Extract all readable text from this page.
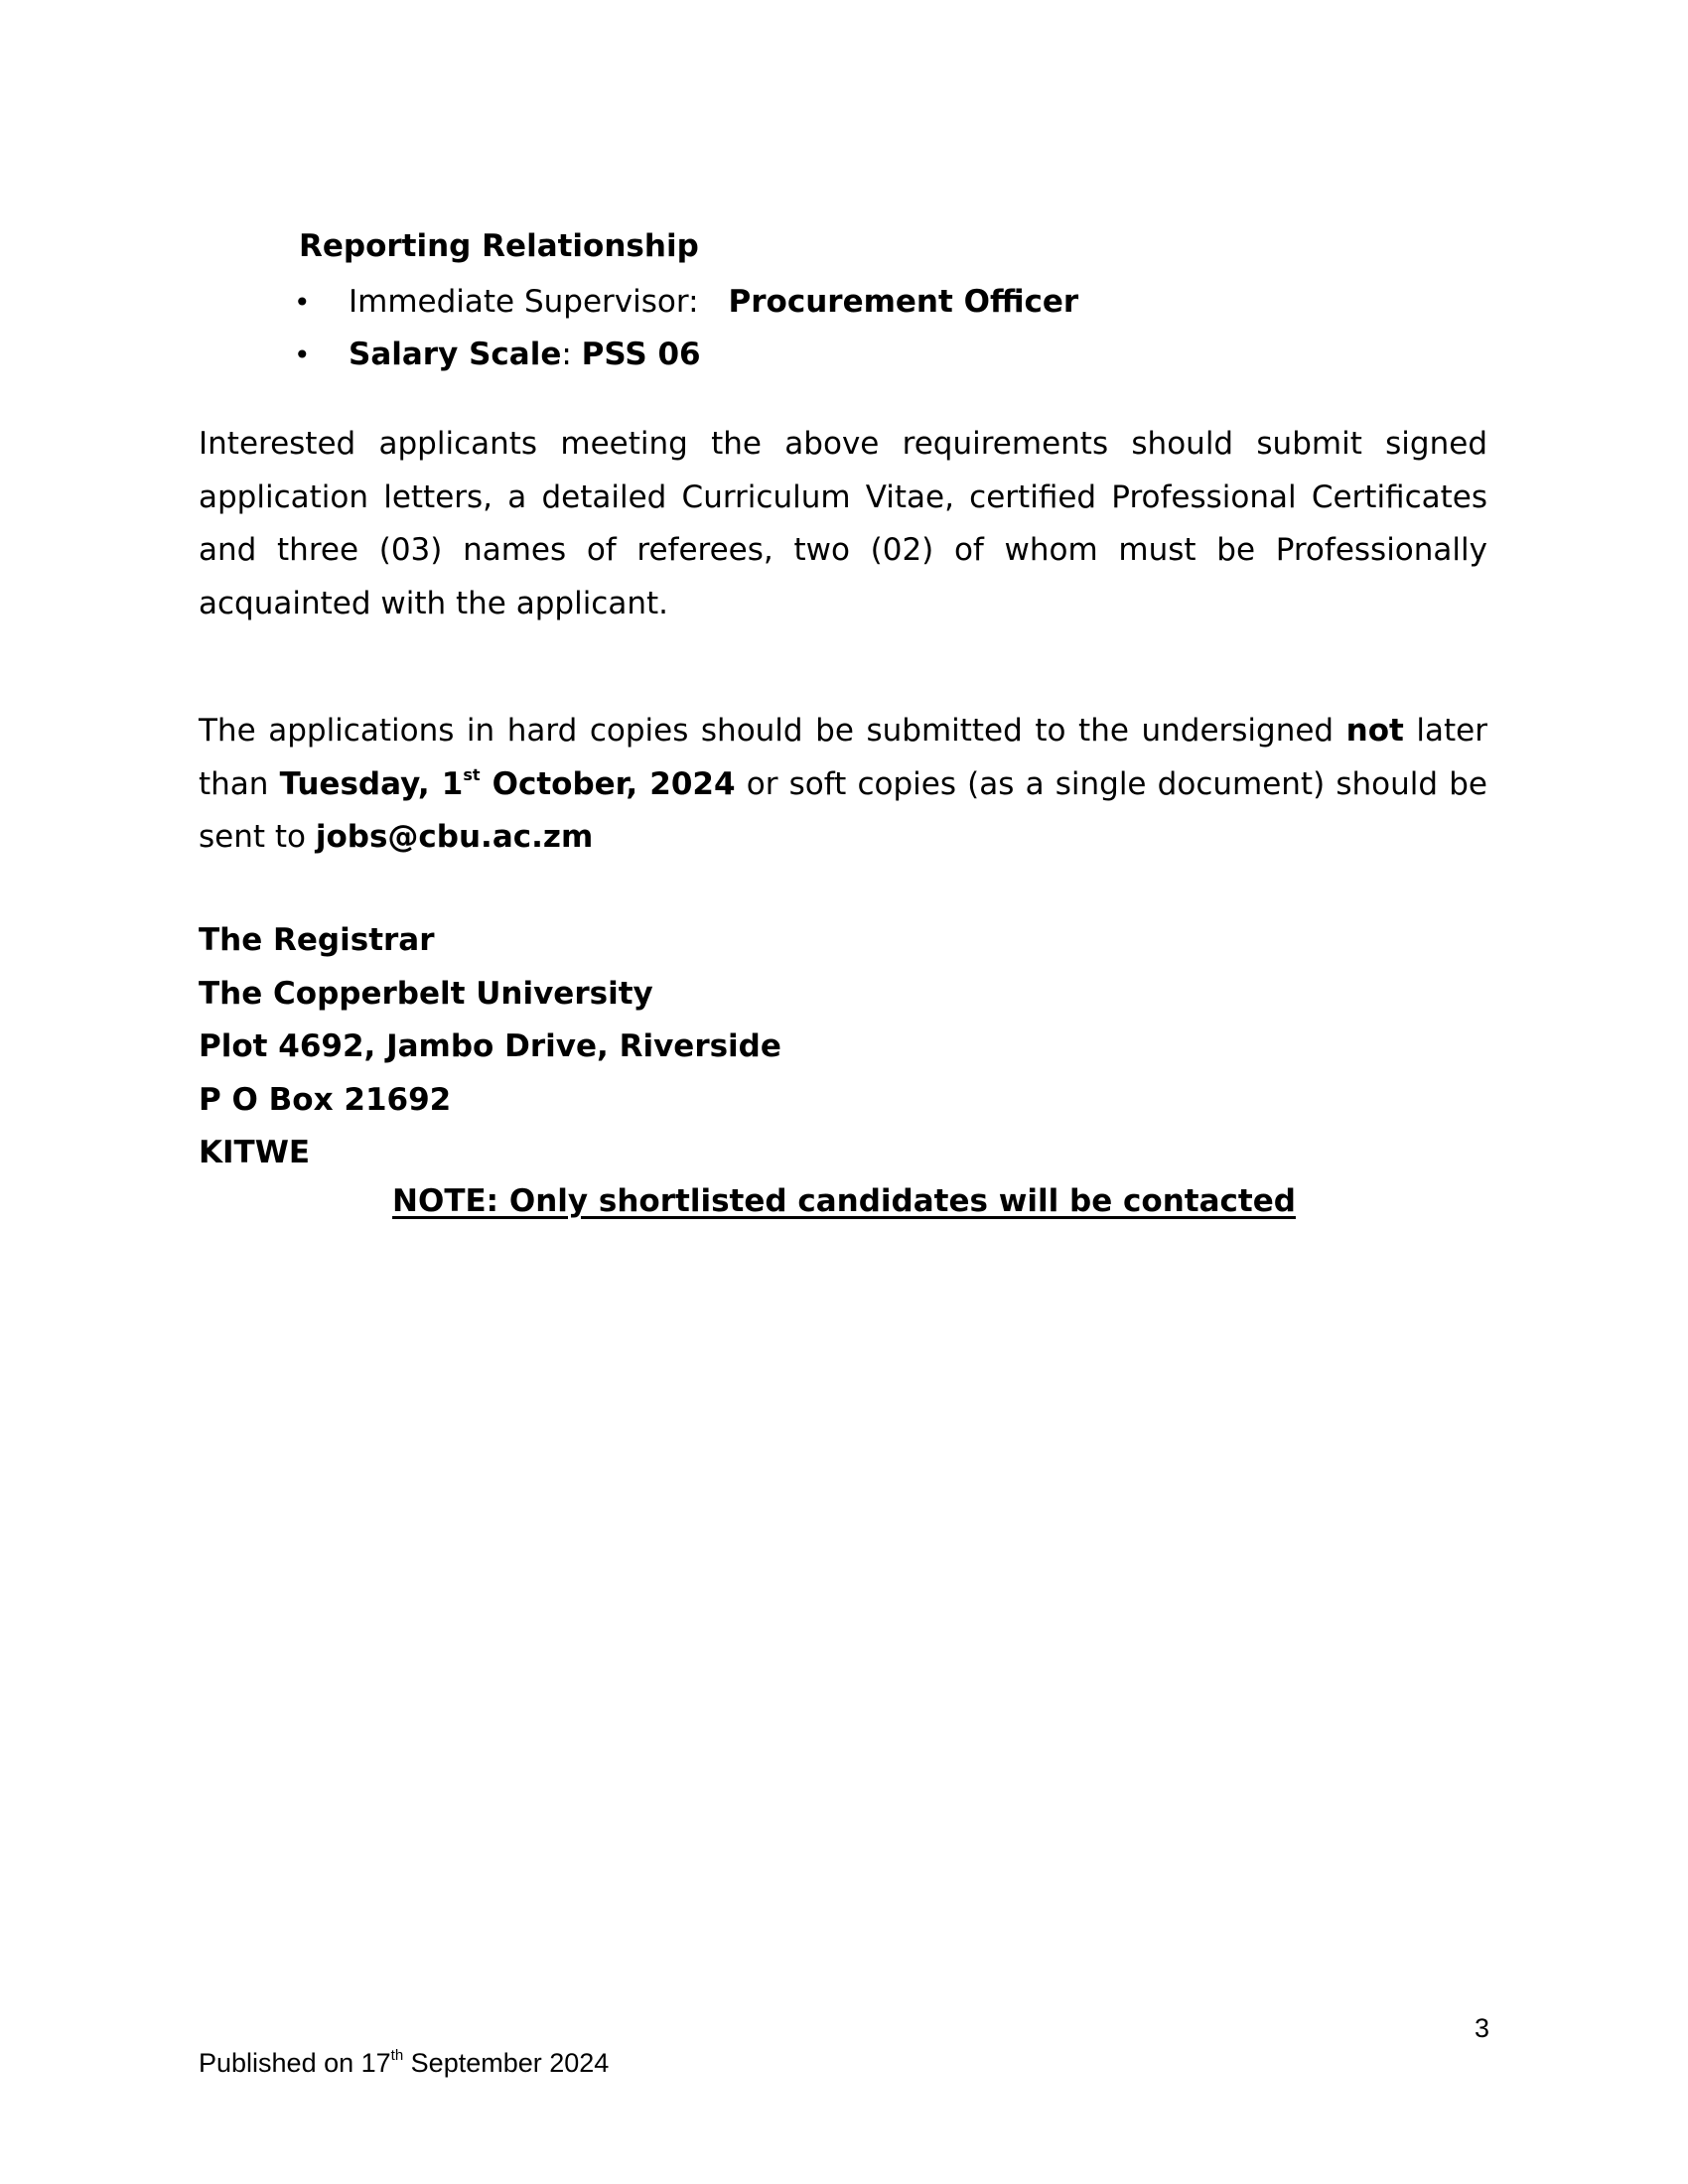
Reporting Relationship
• Immediate Supervisor: Procurement Officer
• Salary Scale: PSS 06

Interested applicants meeting the above requirements should submit signed application letters, a detailed Curriculum Vitae, certified Professional Certificates and three (03) names of referees, two (02) of whom must be Professionally acquainted with the applicant.

The applications in hard copies should be submitted to the undersigned not later than Tuesday, 1st October, 2024 or soft copies (as a single document) should be sent to jobs@cbu.ac.zm

The Registrar
The Copperbelt University
Plot 4692, Jambo Drive, Riverside
P O Box 21692
KITWE
NOTE: Only shortlisted candidates will be contacted
3
Published on 17th September 2024
